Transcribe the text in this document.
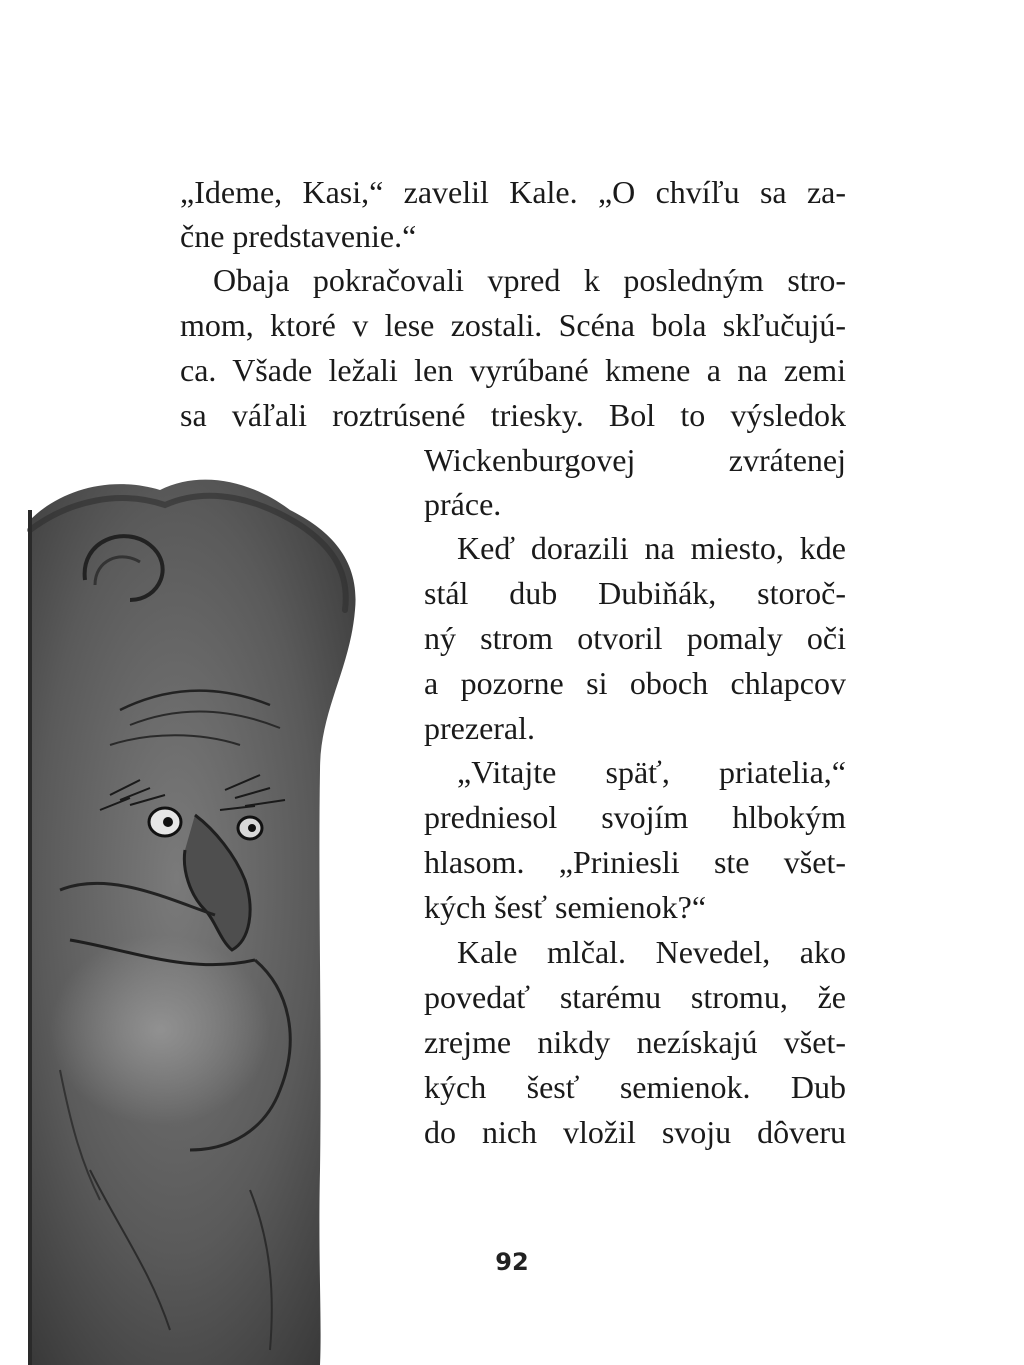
„Ideme, Kasi,“ zavelil Kale. „O chvíľu sa za-
čne predstavenie.“
Obaja pokračovali vpred k posledným stro-
mom, ktoré v lese zostali. Scéna bola skľučujú-
ca. Všade ležali len vyrúbané kmene a na zemi
sa váľali roztrúsené triesky. Bol to výsledok
Wickenburgovej zvrátenej
práce.
Keď dorazili na miesto, kde
stál dub Dubiňák, storoč-
ný strom otvoril pomaly oči
a pozorne si oboch chlapcov
prezeral.
„Vitajte späť, priatelia,“
predniesol svojím hlbokým
hlasom. „Priniesli ste všet-
kých šesť semienok?“
Kale mlčal. Nevedel, ako
povedať starému stromu, že
zrejme nikdy nezískajú všet-
kých šesť semienok. Dub
do nich vložil svoju dôveru
92
